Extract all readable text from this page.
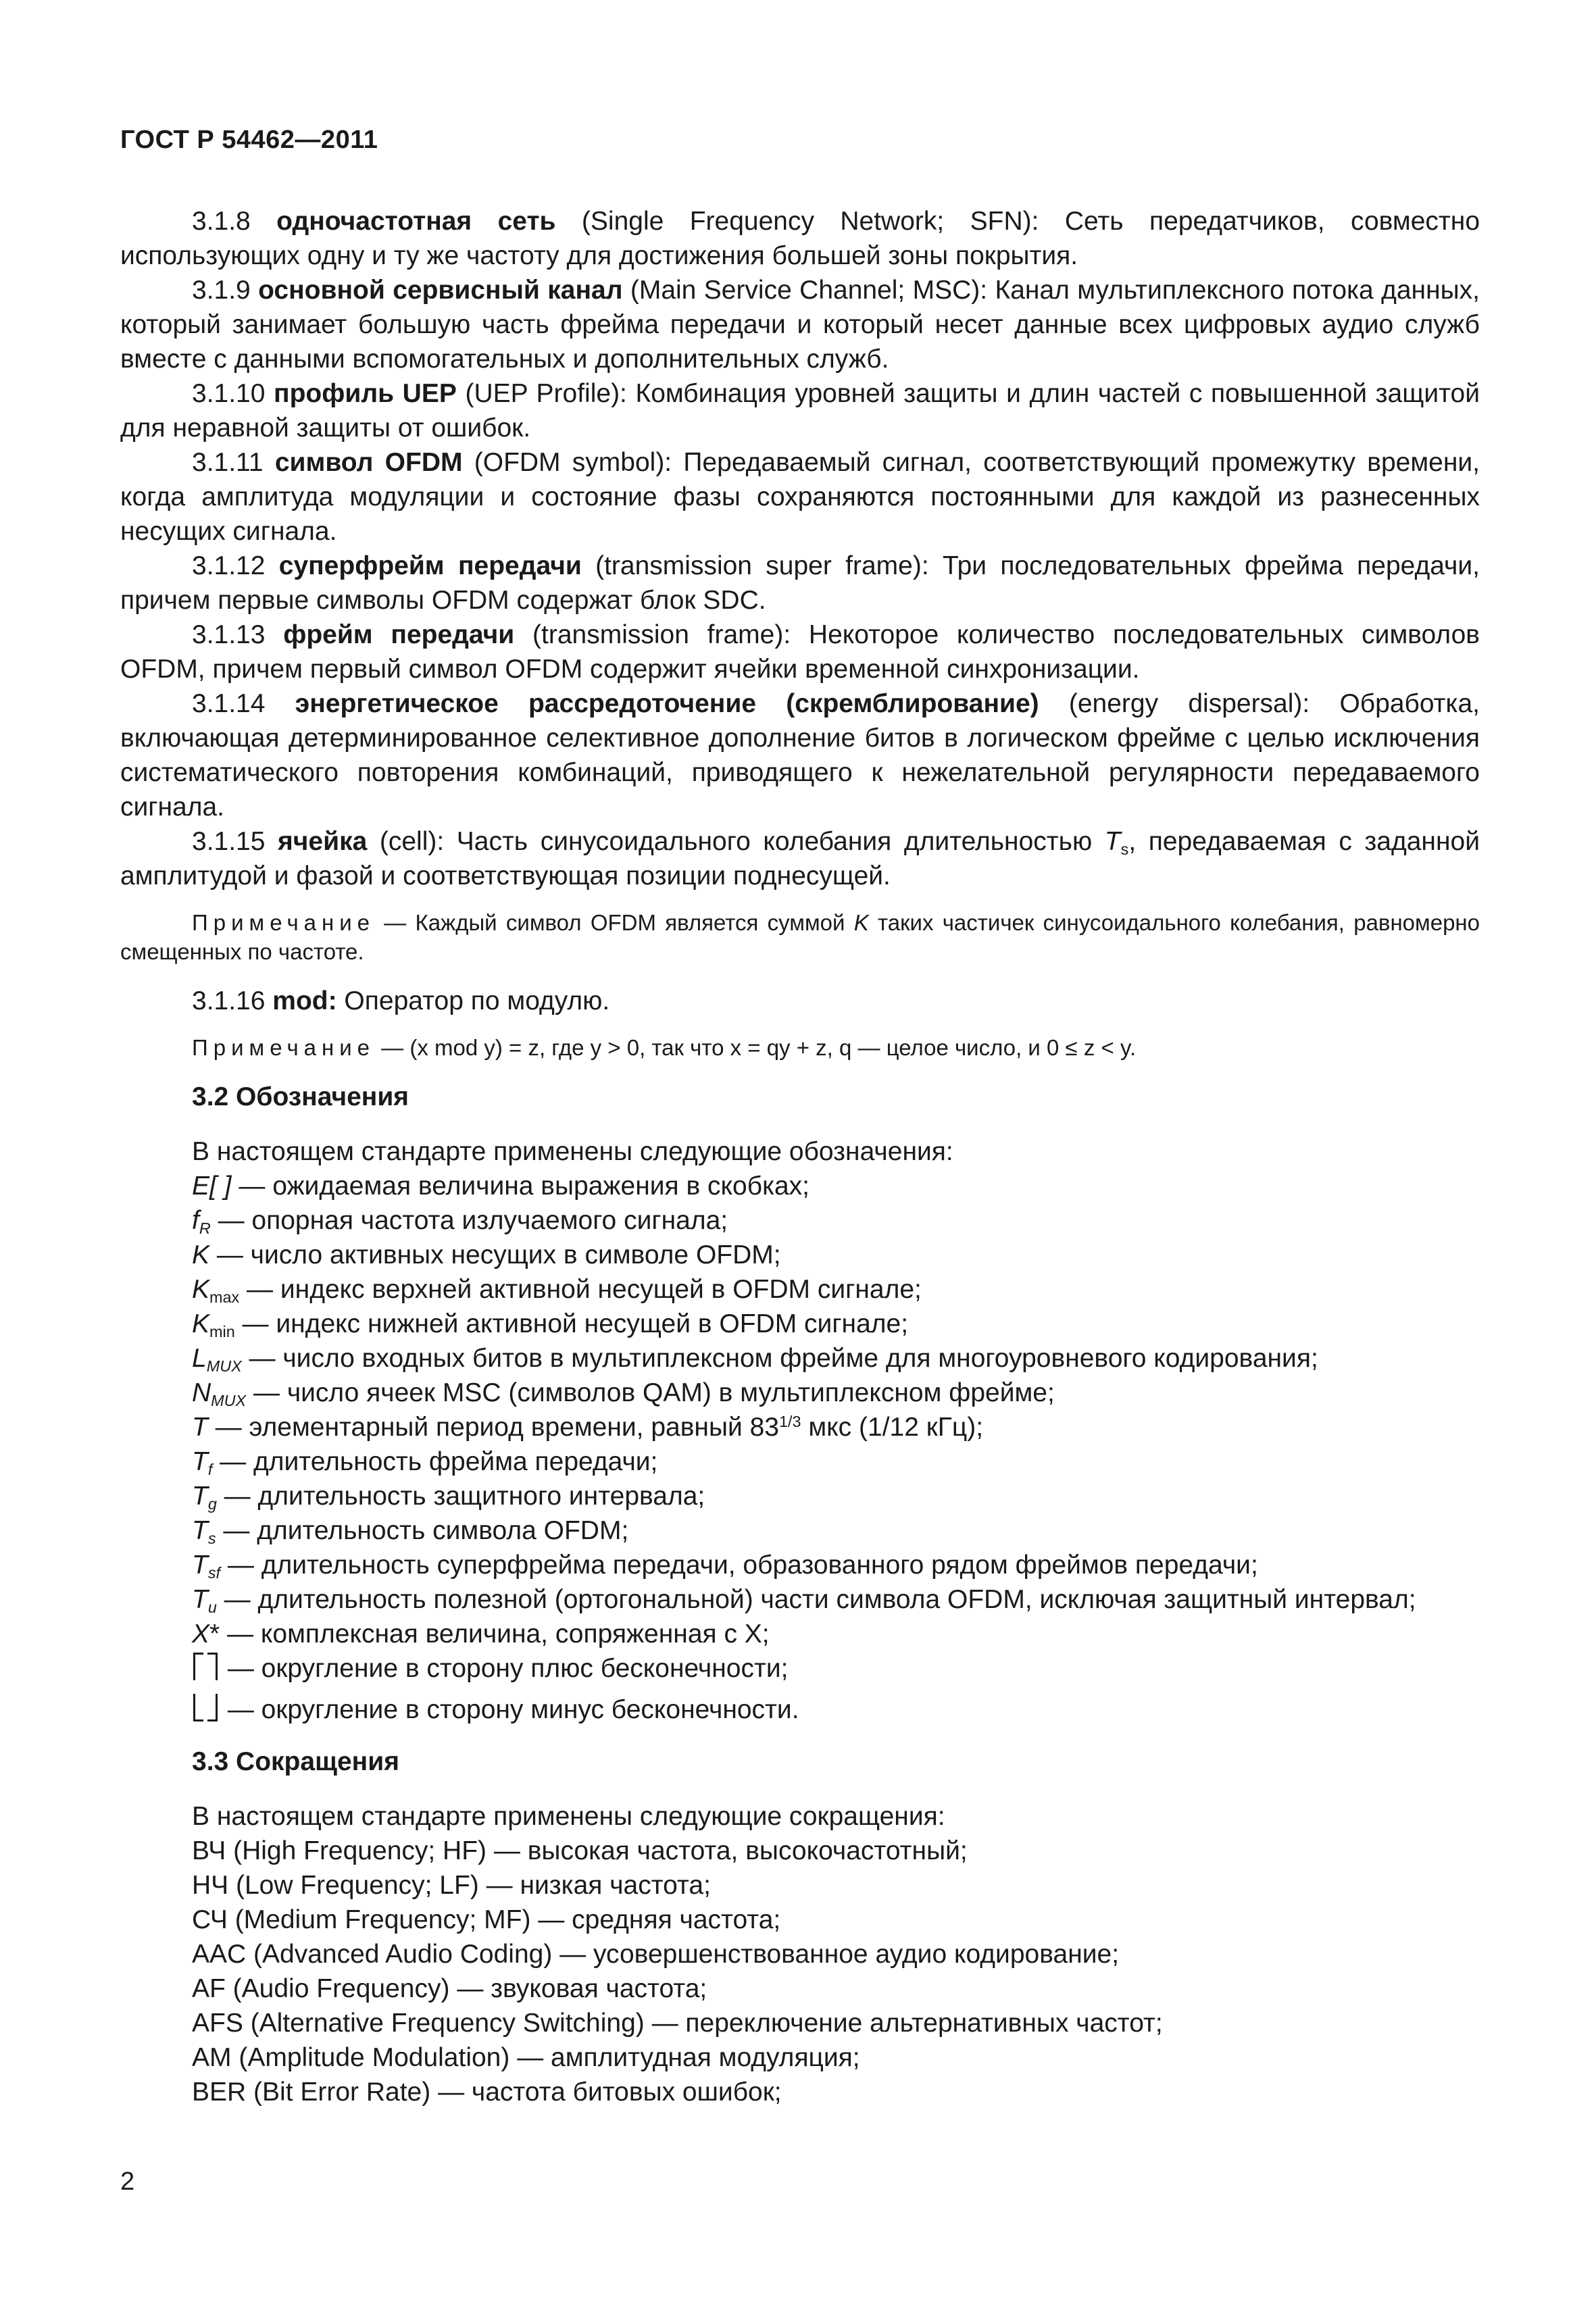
ГОСТ Р 54462—2011

3.1.8 одночастотная сеть (Single Frequency Network; SFN): Сеть передатчиков, совместно использующих одну и ту же частоту для достижения большей зоны покрытия.

3.1.9 основной сервисный канал (Main Service Channel; MSC): Канал мультиплексного потока данных, который занимает большую часть фрейма передачи и который несет данные всех цифровых аудио служб вместе с данными вспомогательных и дополнительных служб.

3.1.10 профиль UEP (UEP Profile): Комбинация уровней защиты и длин частей с повышенной защитой для неравной защиты от ошибок.

3.1.11 символ OFDM (OFDM symbol): Передаваемый сигнал, соответствующий промежутку времени, когда амплитуда модуляции и состояние фазы сохраняются постоянными для каждой из разнесенных несущих сигнала.

3.1.12 суперфрейм передачи (transmission super frame): Три последовательных фрейма передачи, причем первые символы OFDM содержат блок SDC.

3.1.13 фрейм передачи (transmission frame): Некоторое количество последовательных символов OFDM, причем первый символ OFDM содержит ячейки временной синхронизации.

3.1.14 энергетическое рассредоточение (скремблирование) (energy dispersal): Обработка, включающая детерминированное селективное дополнение битов в логическом фрейме с целью исключения систематического повторения комбинаций, приводящего к нежелательной регулярности передаваемого сигнала.

3.1.15 ячейка (cell): Часть синусоидального колебания длительностью $T_s$, передаваемая с заданной амплитудой и фазой и соответствующая позиции поднесущей.

Примечание — Каждый символ OFDM является суммой K таких частичек синусоидального колебания, равномерно смещенных по частоте.

3.1.16 mod: Оператор по модулю.

Примечание — (x mod y) = z, где y > 0, так что x = qy + z, q — целое число, и 0 ≤ z < y.

3.2 Обозначения
В настоящем стандарте применены следующие обозначения:
E[ ] — ожидаемая величина выражения в скобках;
$f_R$ — опорная частота излучаемого сигнала;
K — число активных несущих в символе OFDM;
$K_{max}$ — индекс верхней активной несущей в OFDM сигнале;
$K_{min}$ — индекс нижней активной несущей в OFDM сигнале;
$L_{MUX}$ — число входных битов в мультиплексном фрейме для многоуровневого кодирования;
$N_{MUX}$ — число ячеек MSC (символов QAM) в мультиплексном фрейме;
T — элементарный период времени, равный $83^{1/3}$ мкс (1/12 кГц);
$T_f$ — длительность фрейма передачи;
$T_g$ — длительность защитного интервала;
$T_s$ — длительность символа OFDM;
$T_{sf}$ — длительность суперфрейма передачи, образованного рядом фреймов передачи;
$T_u$ — длительность полезной (ортогональной) части символа OFDM, исключая защитный интервал;
X* — комплексная величина, сопряженная с X;
— округление в сторону плюс бесконечности;
— округление в сторону минус бесконечности.
3.3 Сокращения
В настоящем стандарте применены следующие сокращения:
ВЧ (High Frequency; HF) — высокая частота, высокочастотный;
НЧ (Low Frequency; LF) — низкая частота;
СЧ (Medium Frequency; MF) — средняя частота;
AAC (Advanced Audio Coding) — усовершенствованное аудио кодирование;
AF (Audio Frequency) — звуковая частота;
AFS (Alternative Frequency Switching) — переключение альтернативных частот;
AM (Amplitude Modulation) — амплитудная модуляция;
BER (Bit Error Rate) — частота битовых ошибок;
2
